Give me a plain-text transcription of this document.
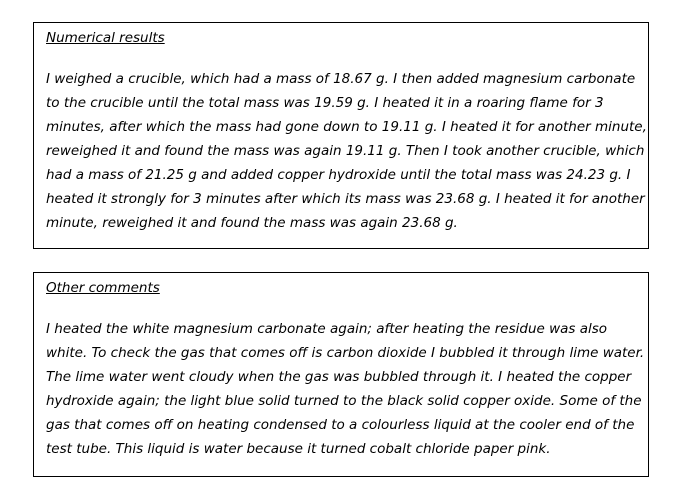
Numerical results
I weighed a crucible, which had a mass of 18.67 g. I then added magnesium carbonate
to the crucible until the total mass was 19.59 g. I heated it in a roaring flame for 3
minutes, after which the mass had gone down to 19.11 g. I heated it for another minute,
reweighed it and found the mass was again 19.11 g. Then I took another crucible, which
had a mass of 21.25 g and added copper hydroxide until the total mass was 24.23 g. I
heated it strongly for 3 minutes after which its mass was 23.68 g. I heated it for another
minute, reweighed it and found the mass was again 23.68 g.
Other comments
I heated the white magnesium carbonate again; after heating the residue was also
white. To check the gas that comes off is carbon dioxide I bubbled it through lime water.
The lime water went cloudy when the gas was bubbled through it. I heated the copper
hydroxide again; the light blue solid turned to the black solid copper oxide. Some of the
gas that comes off on heating condensed to a colourless liquid at the cooler end of the
test tube. This liquid is water because it turned cobalt chloride paper pink.
